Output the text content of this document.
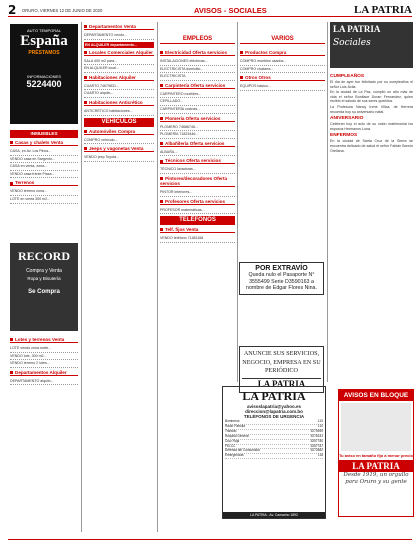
2 ORURO, VIERNES 12 DE JUNIO DE 2020	AVISOS - SOCIALES	LA PATRIA
EMPLEOS	VARIOS
AUTO TEMPORAL
España
PRÉSTAMOS
INFORMACIONES
5224400
INMUEBLES
Casas y chalets Venta
CASA, en Av. Los Pinos...
VENDO casa en Sargento...
CASA en venta, zona...
VENDO casa frente Plaza...
Terrenos
VENDO terreno zona...
LOTE en venta 300 m2...
RECORD
Compra y Venta
Ropa y Bisutería
Se Compra
Lotes y terrenos Venta
LOTE vendo zona norte...
VENDO lote, 300 m2...
VENDO terreno 2 lotes...
Departamentos Alquiler
DEPARTAMENTO alquilo...
Departamentos Venta
DEPARTAMENTO vendo...
EN ALQUILER departamento...
Locales Comerciales Alquiler
SALA 400 m2 para...
EN ALQUILER local...
Habitaciones Alquiler
CUARTO 74679831...
CUARTO alquilo...
Habitaciones Anticrético
ANTICRÉTICO habitaciones...
VEHÍCULOS
Automóviles Compra
COMPRO vehículo...
Jeeps y vagonetas Venta
VENDO jeep Toyota...
Electricidad Oferta servicios
INSTALACIONES eléctricas...
ELECTRICISTA domicilio...
ELECTRICISTA
Carpintería Oferta servicios
CARPINTERO muebles...
CEPILLADO...
CARPINTERÍA cocinas...
Plomería Oferta servicios
PLOMERO 74686746...
PLOMERÍA 71823446...
Albañilería Oferta servicios
ALBAÑIL...
Técnicos Oferta servicios
TÉCNICO lavadoras...
Pintores/decoradores Oferta servicios
PINTOR interiores...
Profesores Oferta servicios
PROFESOR matemáticas...
TELÉFONOS
Telf. fijos Venta
VENDO teléfono 71481168
Productos Compra
COMPRO muebles usados...
COMPRO chatarra...
Otros Otros
EQUIPOS básico...
POR EXTRAVÍO
Queda nulo el Pasaporte N° 3555499 Serie D3590163 a nombre de Edgar Flores Nina.
ANUNCIE SUS SERVICIOS, NEGOCIO, EMPRESA EN SU PERIÓDICO
LA PATRIA
LA PATRIA
Sociales
CUMPLEAÑOS

El día de ayer fue felicitado por su cumpleaños el señor Luis Ávila.

En la ciudad de La Paz, cumplió un año más de vida el señor Boniface Duran Fernandez, quien recibió el saludo de sus seres queridos.

La Profesora Nancy Irene Villca, de Herrera recuerda hoy su aniversario natal.

ANIVERSARIO

Celebran hoy el acto de su unión matrimonial los esposos Hermanos Luna.

ENFERMOS

En la ciudad de Santa Cruz de la Sierra se encuentra delicado de salud el señor Fabián Barrón Orellana.

LA PATRIA
avisoslapatria@yahoo.es
direccion@lapatria.com.bo
TELÉFONOS DE URGENCIA
Bomberos	119
Radio Patrulla	110
Tránsito	5275959
Hospital General	5276151
Cruz Roja	5257780
FELCC	5257787
Defensa del Consumidor	5272882
Emergencias	118
LA PATRIA - Av. Camacho 1892
AVISOS EN BLOQUE
Tu aviso en tamaño fijo a menor precio
LA PATRIA
Desde 1919, un orgullo para Oruro y su gente
